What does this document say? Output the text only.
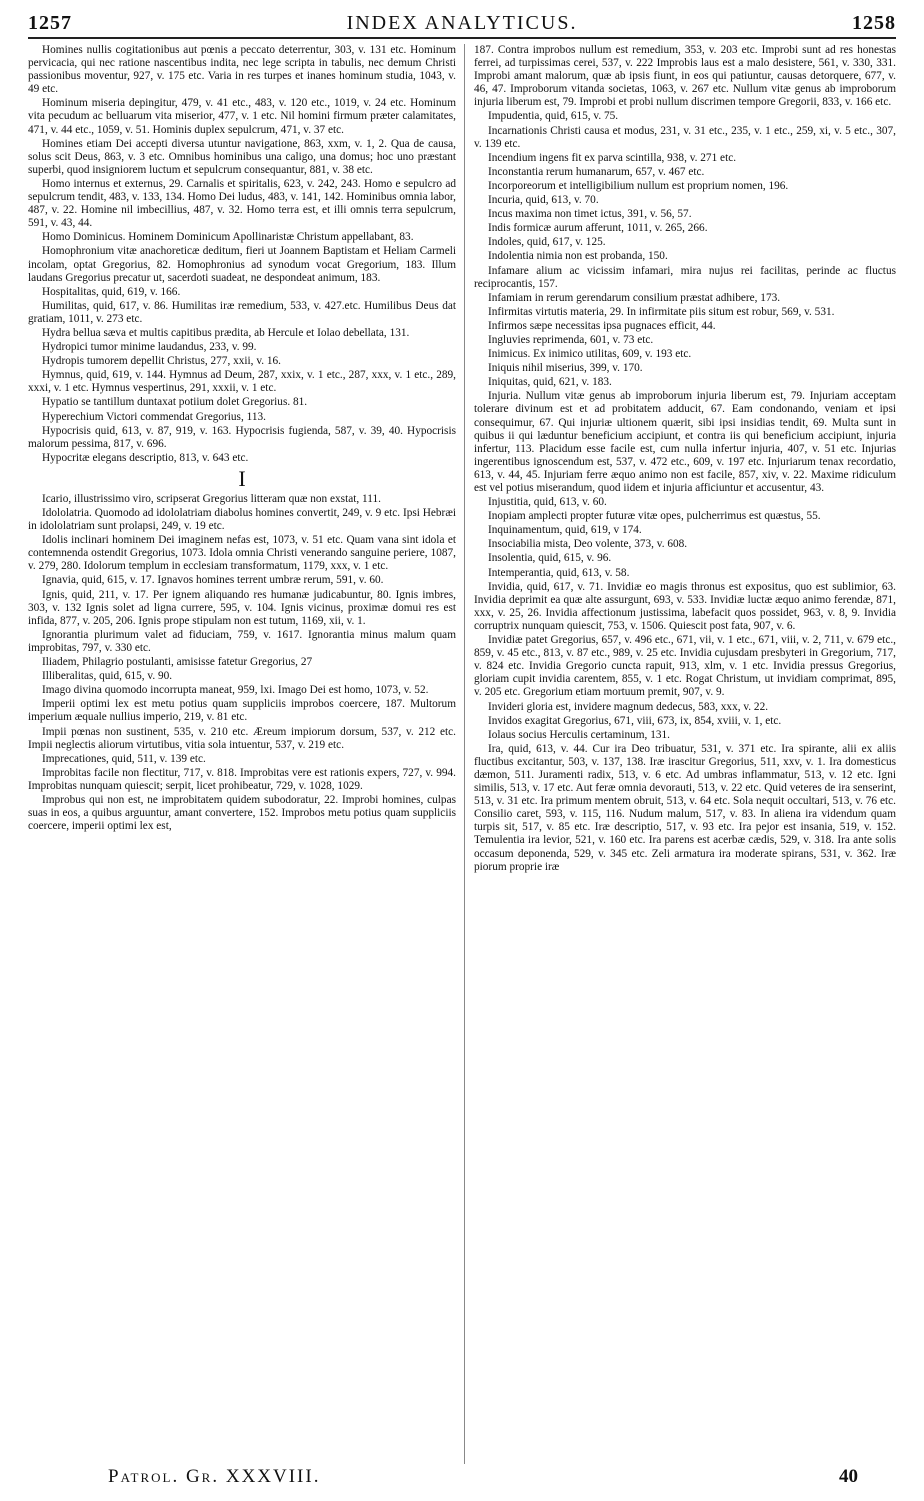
1257	INDEX ANALYTICUS.	1258

Homines nullis cogitationibus aut pœnis a peccato deterrentur, 303, v. 131 etc. Hominum pervicacia, qui nec ratione nascentibus indita, nec lege scripta in tabulis, nec demum Christi passionibus moventur, 927, v. 175 etc. Varia in res turpes et inanes hominum studia, 1043, v. 49 etc.

Hominum miseria depingitur, 479, v. 41 etc., 483, v. 120 etc., 1019, v. 24 etc. Hominum vita pecudum ac belluarum vita miserior, 477, v. 1 etc. Nil homini firmum præter calamitates, 471, v. 44 etc., 1059, v. 51. Hominis duplex sepulcrum, 471, v. 37 etc.

Homines etiam Dei accepti diversa utuntur navigatione, 863, xxm, v. 1, 2. Qua de causa, solus scit Deus, 863, v. 3 etc. Omnibus hominibus una caligo, una domus; hoc uno præstant superbi, quod insigniorem luctum et sepulcrum consequantur, 881, v. 38 etc.

Homo internus et externus, 29. Carnalis et spiritalis, 623, v. 242, 243. Homo e sepulcro ad sepulcrum tendit, 483, v. 133, 134. Homo Dei ludus, 483, v. 141, 142. Hominibus omnia labor, 487, v. 22. Homine nil imbecillius, 487, v. 32. Homo terra est, et illi omnis terra sepulcrum, 591, v. 43, 44.

Homo Dominicus. Hominem Dominicum Apollinaristæ Christum appellabant, 83.

Homophronium vitæ anachoreticæ deditum, fieri ut Joannem Baptistam et Heliam Carmeli incolam, optat Gregorius, 82. Homophronius ad synodum vocat Gregorium, 183. Illum laudans Gregorius precatur ut, sacerdoti suadeat, ne despondeat animum, 183.

Hospitalitas, quid, 619, v. 166.

Humilitas, quid, 617, v. 86. Humilitas iræ remedium, 533, v. 427.etc. Humilibus Deus dat gratiam, 1011, v. 273 etc.

Hydra bellua sæva et multis capitibus prædita, ab Hercule et Iolao debellata, 131.

Hydropici tumor minime laudandus, 233, v. 99.

Hydropis tumorem depellit Christus, 277, xxii, v. 16.

Hymnus, quid, 619, v. 144. Hymnus ad Deum, 287, xxix, v. 1 etc., 287, xxx, v. 1 etc., 289, xxxi, v. 1 etc. Hymnus vespertinus, 291, xxxii, v. 1 etc.

Hypatio se tantillum duntaxat potiium dolet Gregorius. 81.

Hyperechium Victori commendat Gregorius, 113.

Hypocrisis quid, 613, v. 87, 919, v. 163. Hypocrisis fugienda, 587, v. 39, 40. Hypocrisis malorum pessima, 817, v. 696.

Hypocritæ elegans descriptio, 813, v. 643 etc.

I

Icario, illustrissimo viro, scripserat Gregorius litteram quæ non exstat, 111.

Idololatria. Quomodo ad idololatriam diabolus homines convertit, 249, v. 9 etc. Ipsi Hebræi in idololatriam sunt prolapsi, 249, v. 19 etc.

Idolis inclinari hominem Dei imaginem nefas est, 1073, v. 51 etc. Quam vana sint idola et contemnenda ostendit Gregorius, 1073. Idola omnia Christi venerando sanguine periere, 1087, v. 279, 280. Idolorum templum in ecclesiam transformatum, 1179, xxx, v. 1 etc.

Ignavia, quid, 615, v. 17. Ignavos homines terrent umbræ rerum, 591, v. 60.

Ignis, quid, 211, v. 17. Per ignem aliquando res humanæ judicabuntur, 80. Ignis imbres, 303, v. 132 Ignis solet ad ligna currere, 595, v. 104. Ignis vicinus, proximæ domui res est infida, 877, v. 205, 206. Ignis prope stipulam non est tutum, 1169, xii, v. 1.

Ignorantia plurimum valet ad fiduciam, 759, v. 1617. Ignorantia minus malum quam improbitas, 797, v. 330 etc.

Iliadem, Philagrio postulanti, amisisse fatetur Gregorius, 27

Illiberalitas, quid, 615, v. 90.

Imago divina quomodo incorrupta maneat, 959, lxi. Imago Dei est homo, 1073, v. 52.

Imperii optimi lex est metu potius quam suppliciis improbos coercere, 187. Multorum imperium æquale nullius imperio, 219, v. 81 etc.

Impii pœnas non sustinent, 535, v. 210 etc. Æreum impiorum dorsum, 537, v. 212 etc. Impii neglectis aliorum virtutibus, vitia sola intuentur, 537, v. 219 etc.

Imprecationes, quid, 511, v. 139 etc.

Improbitas facile non flectitur, 717, v. 818. Improbitas vere est rationis expers, 727, v. 994. Improbitas nunquam quiescit; serpit, licet prohibeatur, 729, v. 1028, 1029.

Improbus qui non est, ne improbitatem quidem subodoratur, 22. Improbi homines, culpas suas in eos, a quibus arguuntur, amant convertere, 152. Improbos metu potius quam suppliciis coercere, imperii optimi lex est,

187. Contra improbos nullum est remedium, 353, v. 203 etc. Improbi sunt ad res honestas ferrei, ad turpissimas cerei, 537, v. 222 Improbis laus est a malo desistere, 561, v. 330, 331. Improbi amant malorum, quæ ab ipsis fiunt, in eos qui patiuntur, causas detorquere, 677, v. 46, 47. Improborum vitanda societas, 1063, v. 267 etc. Nullum vitæ genus ab improborum injuria liberum est, 79. Improbi et probi nullum discrimen tempore Gregorii, 833, v. 166 etc.

Impudentia, quid, 615, v. 75.

Incarnationis Christi causa et modus, 231, v. 31 etc., 235, v. 1 etc., 259, xi, v. 5 etc., 307, v. 139 etc.

Incendium ingens fit ex parva scintilla, 938, v. 271 etc.

Inconstantia rerum humanarum, 657, v. 467 etc.

Incorporeorum et intelligibilium nullum est proprium nomen, 196.

Incuria, quid, 613, v. 70.

Incus maxima non timet ictus, 391, v. 56, 57.

Indis formicæ aurum afferunt, 1011, v. 265, 266.

Indoles, quid, 617, v. 125.

Indolentia nimia non est probanda, 150.

Infamare alium ac vicissim infamari, mira nujus rei facilitas, perinde ac fluctus reciprocantis, 157.

Infamiam in rerum gerendarum consilium præstat adhibere, 173.

Infirmitas virtutis materia, 29. In infirmitate piis situm est robur, 569, v. 531.

Infirmos sæpe necessitas ipsa pugnaces efficit, 44.

Ingluvies reprimenda, 601, v. 73 etc.

Inimicus. Ex inimico utilitas, 609, v. 193 etc.

Iniquis nihil miserius, 399, v. 170.

Iniquitas, quid, 621, v. 183.

Injuria. Nullum vitæ genus ab improborum injuria liberum est, 79. Injuriam acceptam tolerare divinum est et ad probitatem adducit, 67. Eam condonando, veniam et ipsi consequimur, 67. Qui injuriæ ultionem quærit, sibi ipsi insidias tendit, 69. Multa sunt in quibus ii qui læduntur beneficium accipiunt, et contra iis qui beneficium accipiunt, injuria infertur, 113. Placidum esse facile est, cum nulla infertur injuria, 407, v. 51 etc. Injurias ingerentibus ignoscendum est, 537, v. 472 etc., 609, v. 197 etc. Injuriarum tenax recordatio, 613, v. 44, 45. Injuriam ferre æquo animo non est facile, 857, xiv, v. 22. Maxime ridiculum est vel potius miserandum, quod iidem et injuria afficiuntur et accusentur, 43.

Injustitia, quid, 613, v. 60.

Inopiam amplecti propter futuræ vitæ opes, pulcherrimus est quæstus, 55.

Inquinamentum, quid, 619, v 174.

Insociabilia mista, Deo volente, 373, v. 608.

Insolentia, quid, 615, v. 96.

Intemperantia, quid, 613, v. 58.

Invidia, quid, 617, v. 71. Invidiæ eo magis thronus est expositus, quo est sublimior, 63. Invidia deprimit ea quæ alte assurgunt, 693, v. 533. Invidiæ luctæ æquo animo ferendæ, 871, xxx, v. 25, 26. Invidia affectionum justissima, labefacit quos possidet, 963, v. 8, 9. Invidia corruptrix nunquam quiescit, 753, v. 1506. Quiescit post fata, 907, v. 6.

Invidiæ patet Gregorius, 657, v. 496 etc., 671, vii, v. 1 etc., 671, viii, v. 2, 711, v. 679 etc., 859, v. 45 etc., 813, v. 87 etc., 989, v. 25 etc. Invidia cujusdam presbyteri in Gregorium, 717, v. 824 etc. Invidia Gregorio cuncta rapuit, 913, xlm, v. 1 etc. Invidia pressus Gregorius, gloriam cupit invidia carentem, 855, v. 1 etc. Rogat Christum, ut invidiam comprimat, 895, v. 205 etc. Gregorium etiam mortuum premit, 907, v. 9.

Invideri gloria est, invidere magnum dedecus, 583, xxx, v. 22.

Invidos exagitat Gregorius, 671, viii, 673, ix, 854, xviii, v. 1, etc.

Iolaus socius Herculis certaminum, 131.

Ira, quid, 613, v. 44. Cur ira Deo tribuatur, 531, v. 371 etc. Ira spirante, alii ex aliis fluctibus excitantur, 503, v. 137, 138. Iræ irascitur Gregorius, 511, xxv, v. 1. Ira domesticus dæmon, 511. Juramenti radix, 513, v. 6 etc. Ad umbras inflammatur, 513, v. 12 etc. Igni similis, 513, v. 17 etc. Aut feræ omnia devorauti, 513, v. 22 etc. Quid veteres de ira senserint, 513, v. 31 etc. Ira primum mentem obruit, 513, v. 64 etc. Sola nequit occultari, 513, v. 76 etc. Consilio caret, 593, v. 115, 116. Nudum malum, 517, v. 83. In aliena ira videndum quam turpis sit, 517, v. 85 etc. Iræ descriptio, 517, v. 93 etc. Ira pejor est insania, 519, v. 152. Temulentia ira levior, 521, v. 160 etc. Ira parens est acerbæ cædis, 529, v. 318. Ira ante solis occasum deponenda, 529, v. 345 etc. Zeli armatura ira moderate spirans, 531, v. 362. Iræ piorum proprie iræ

Patrol. Gr. XXXVIII.	40
